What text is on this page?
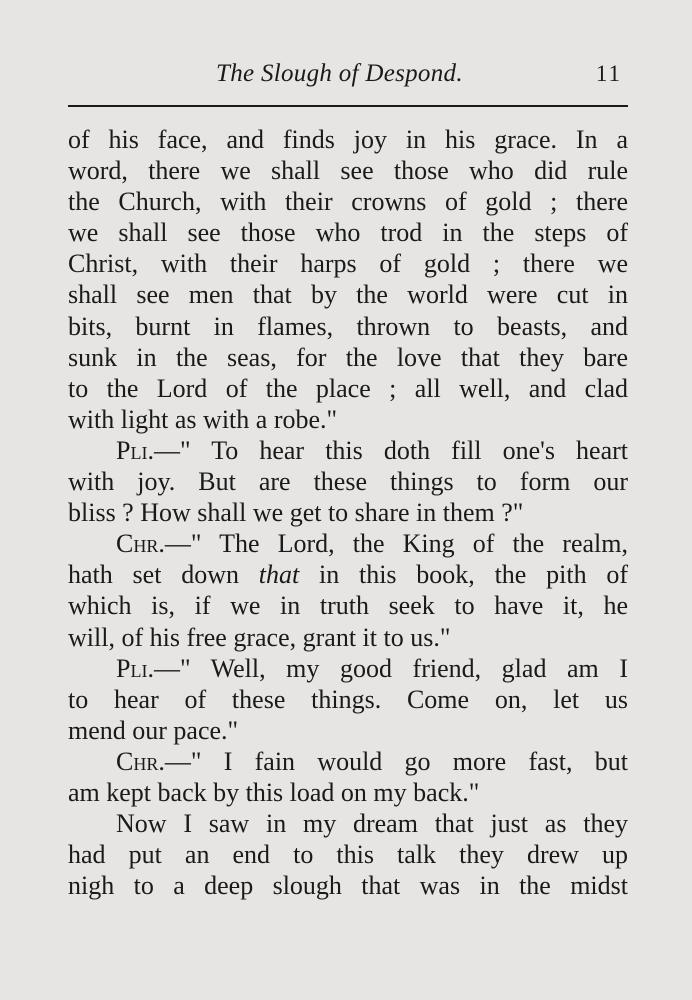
The Slough of Despond.	11
of his face, and finds joy in his grace. In a
word, there we shall see those who did rule
the Church, with their crowns of gold ; there
we shall see those who trod in the steps of
Christ, with their harps of gold ; there we
shall see men that by the world were cut in
bits, burnt in flames, thrown to beasts, and
sunk in the seas, for the love that they bare
to the Lord of the place ; all well, and clad
with light as with a robe."
Pli.—" To hear this doth fill one's heart
with joy. But are these things to form our
bliss ? How shall we get to share in them ?"
Chr.—" The Lord, the King of the realm,
hath set down that in this book, the pith of
which is, if we in truth seek to have it, he
will, of his free grace, grant it to us."
Pli.—" Well, my good friend, glad am I
to hear of these things. Come on, let us
mend our pace."
Chr.—" I fain would go more fast, but
am kept back by this load on my back."
Now I saw in my dream that just as they
had put an end to this talk they drew up
nigh to a deep slough that was in the midst
